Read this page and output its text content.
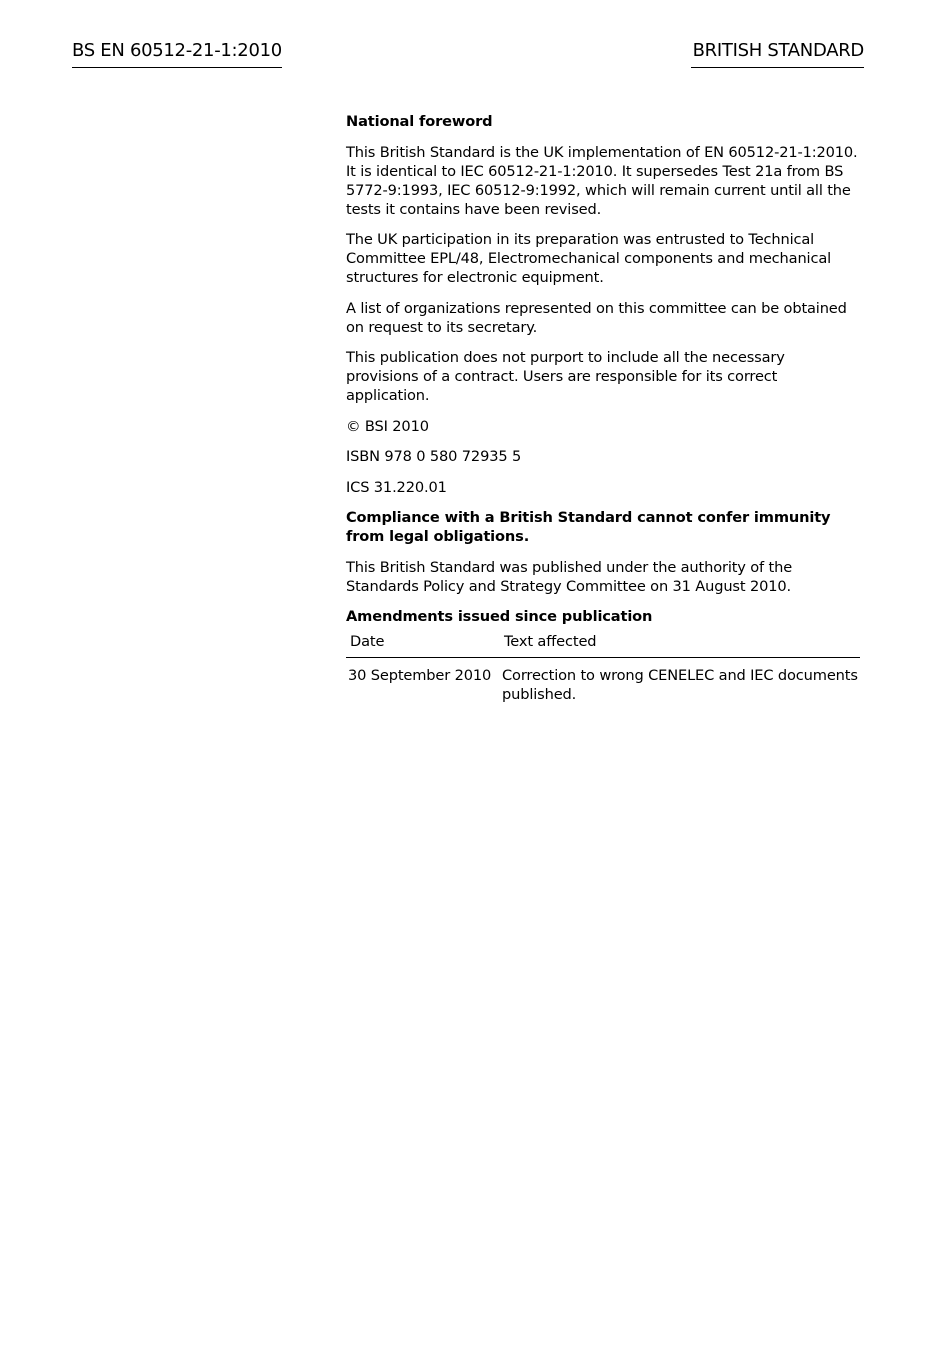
BS EN 60512-21-1:2010	BRITISH STANDARD

National foreword

This British Standard is the UK implementation of EN 60512-21-1:2010. It is identical to IEC 60512-21-1:2010. It supersedes Test 21a from BS 5772-9:1993, IEC 60512-9:1992, which will remain current until all the tests it contains have been revised.

The UK participation in its preparation was entrusted to Technical Committee EPL/48, Electromechanical components and mechanical structures for electronic equipment.

A list of organizations represented on this committee can be obtained on request to its secretary.

This publication does not purport to include all the necessary provisions of a contract. Users are responsible for its correct application.

© BSI 2010

ISBN 978 0 580 72935 5

ICS 31.220.01

Compliance with a British Standard cannot confer immunity from legal obligations.

This British Standard was published under the authority of the Standards Policy and Strategy Committee on 31 August 2010.

Amendments issued since publication

Date	Text affected
30 September 2010	Correction to wrong CENELEC and IEC documents published.
